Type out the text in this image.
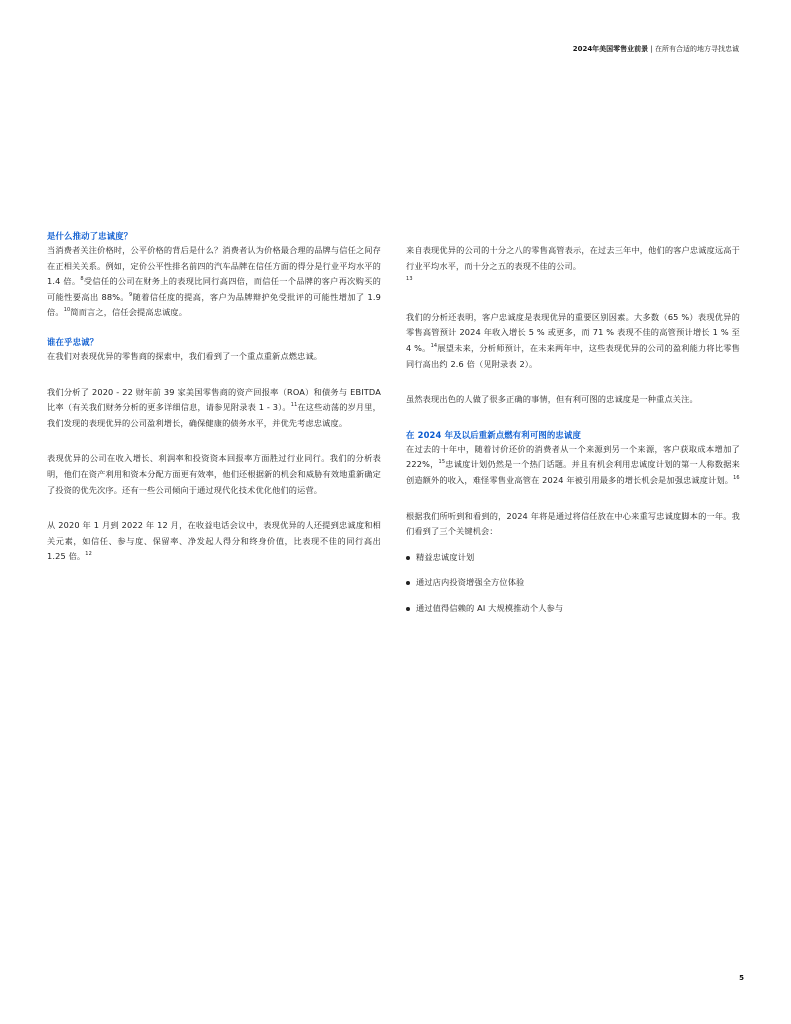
2024年美国零售业前景 | 在所有合适的地方寻找忠诚
是什么推动了忠诚度？

当消费者关注价格时，公平价格的背后是什么？消费者认为价格最合理的品牌与信任之间存在正相关关系。例如，定价公平性排名前四的汽车品牌在信任方面的得分是行业平均水平的 1.4 倍。$^8$受信任的公司在财务上的表现比同行高四倍，而信任一个品牌的客户再次购买的可能性要高出 88%。$^9$随着信任度的提高，客户为品牌辩护免受批评的可能性增加了 1.9 倍。$^{10}$简而言之，信任会提高忠诚度。

谁在乎忠诚？

在我们对表现优异的零售商的探索中，我们看到了一个重点重新点燃忠诚。

我们分析了 2020 - 22 财年前 39 家美国零售商的资产回报率（ROA）和债务与 EBITDA 比率（有关我们财务分析的更多详细信息，请参见附录表 1 - 3）。$^{11}$在这些动荡的岁月里，我们发现的表现优异的公司盈利增长，确保健康的债务水平，并优先考虑忠诚度。

表现优异的公司在收入增长、利润率和投资资本回报率方面胜过行业同行。我们的分析表明，他们在资产利用和资本分配方面更有效率，他们还根据新的机会和威胁有效地重新确定了投资的优先次序。还有一些公司倾向于通过现代化技术优化他们的运营。

从 2020 年 1 月到 2022 年 12 月，在收益电话会议中，表现优异的人还提到忠诚度和相关元素，如信任、参与度、保留率、净发起人得分和终身价值，比表现不佳的同行高出 1.25 倍。$^{12}$

来自表现优异的公司的十分之八的零售高管表示，在过去三年中，他们的客户忠诚度远高于行业平均水平，而十分之五的表现不佳的公司。
$^{13}$

我们的分析还表明，客户忠诚度是表现优异的重要区别因素。大多数（65 %）表现优异的零售高管预计 2024 年收入增长 5 % 或更多，而 71 % 表现不佳的高管预计增长 1 % 至 4 %。$^{14}$展望未来，分析师预计，在未来两年中，这些表现优异的公司的盈利能力将比零售同行高出约 2.6 倍（见附录表 2）。

虽然表现出色的人做了很多正确的事情，但有利可图的忠诚度是一种重点关注。

在 2024 年及以后重新点燃有利可图的忠诚度

在过去的十年中，随着讨价还价的消费者从一个来源到另一个来源，客户获取成本增加了 222%，$^{15}$忠诚度计划仍然是一个热门话题。并且有机会利用忠诚度计划的第一人称数据来创造额外的收入，难怪零售业高管在 2024 年被引用最多的增长机会是加强忠诚度计划。$^{16}$

根据我们所听到和看到的，2024 年将是通过将信任放在中心来重写忠诚度脚本的一年。我们看到了三个关键机会：

精益忠诚度计划
通过店内投资增强全方位体验
通过值得信赖的 AI 大规模推动个人参与
5
